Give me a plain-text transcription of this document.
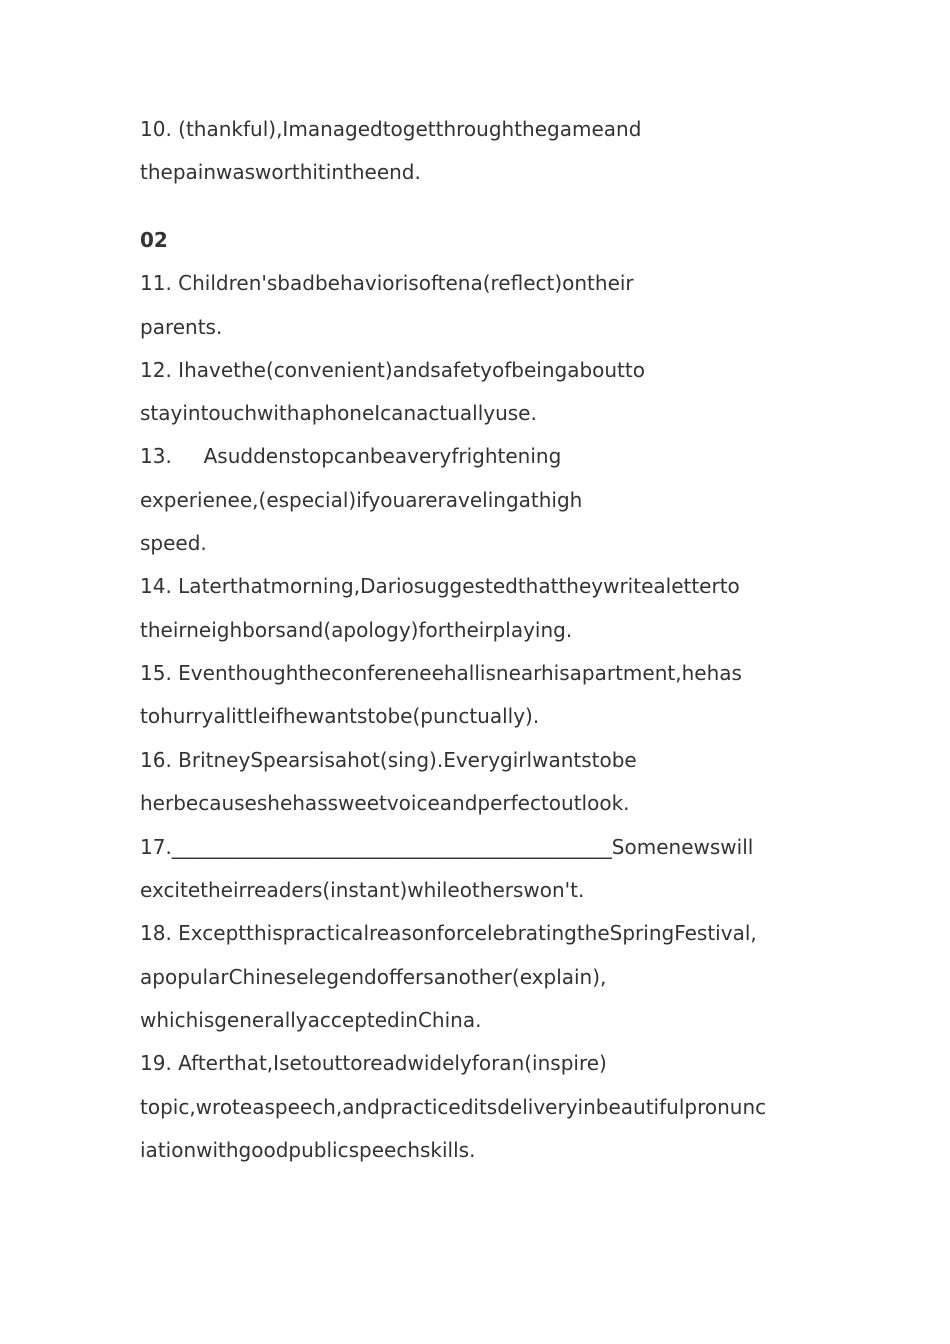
10. (thankful),Imanagedtogetthroughthegameand
thepainwasworthitintheend.
02
11. Children'sbadbehaviorisoftena(reflect)ontheir
parents.
12. Ihavethe(convenient)andsafetyofbeingaboutto
stayintouchwithaphoneIcanactuallyuse.
13.     Asuddenstopcanbeaveryfrightening
experienee,(especial)ifyouareravelingathigh
speed.
14. Laterthatmorning,Dariosuggestedthattheywritealetterto
theirneighborsand(apology)fortheirplaying.
15. Eventhoughtheconfereneehallisnearhisapartment,hehas
tohurryalittleifhewantstobe(punctually).
16. BritneySpearsisahot(sing).Everygirlwantstobe
herbecauseshehassweetvoiceandperfectoutlook.
17.____________________________________________Somenewswill
excitetheirreaders(instant)whileotherswon't.
18. ExceptthispracticalreasonforcelebratingtheSpringFestival,
apopularChineselegendoffersanother(explain),
whichisgenerallyacceptedinChina.
19. Afterthat,Isetouttoreadwidelyforan(inspire)
topic,wroteaspeech,andpracticeditsdeliveryinbeautifulpronunc
iationwithgoodpublicspeechskills.
